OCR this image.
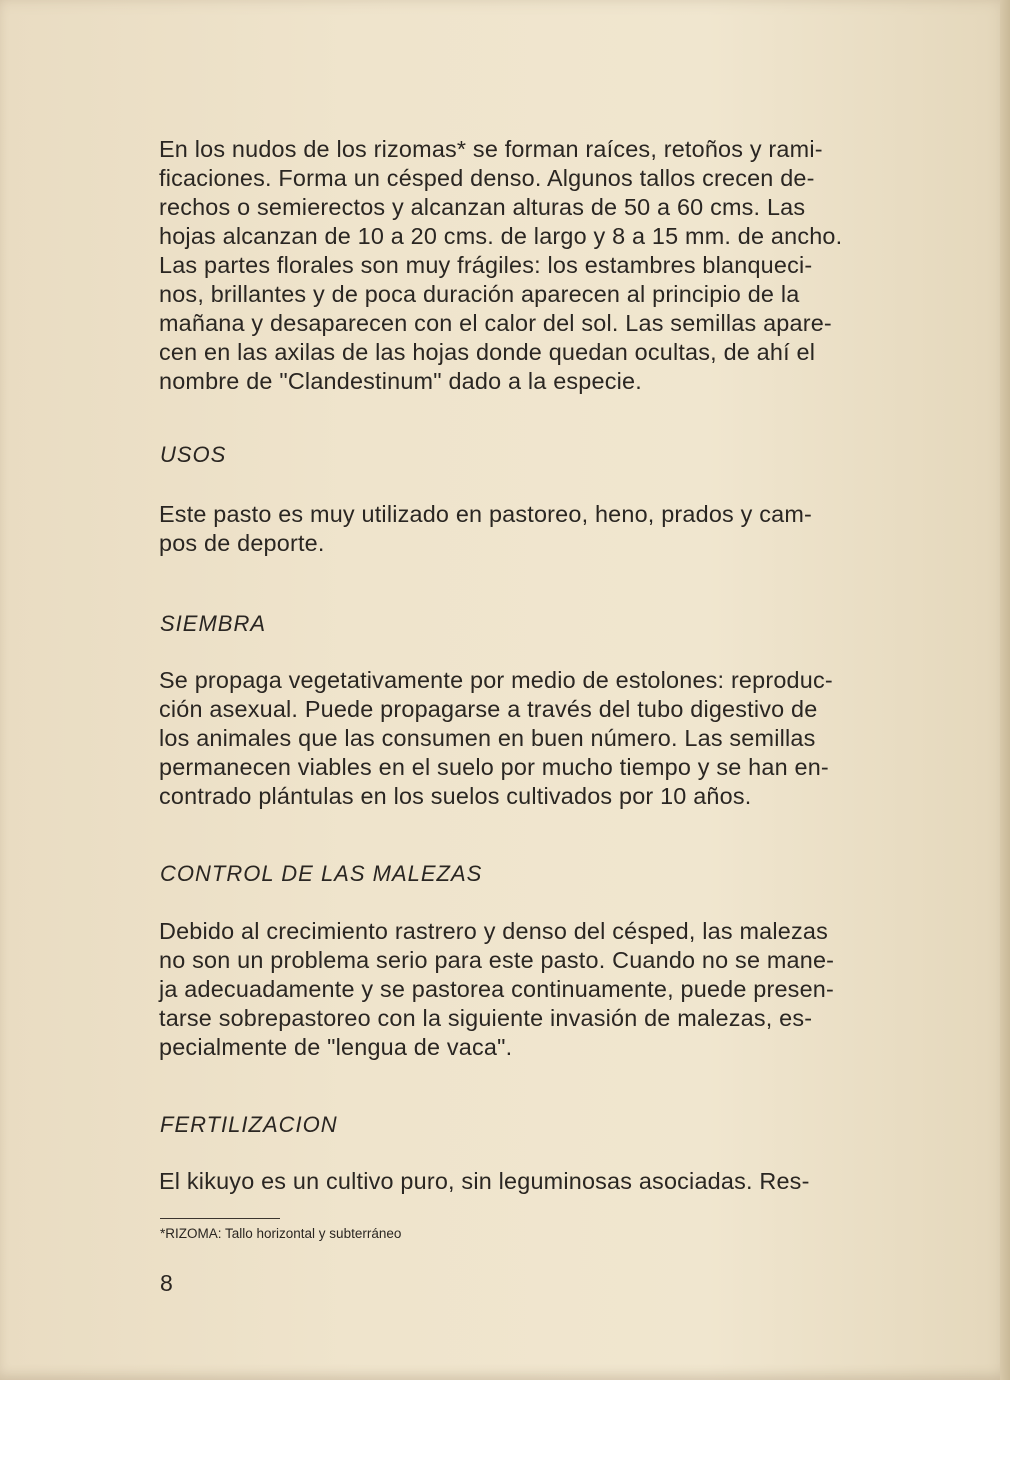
En los nudos de los rizomas* se forman raíces, retoños y rami-
ficaciones. Forma un césped denso. Algunos tallos crecen de-
rechos o semierectos y alcanzan alturas de 50 a 60 cms. Las
hojas alcanzan de 10 a 20 cms. de largo y 8 a 15 mm. de ancho.
Las partes florales son muy frágiles: los estambres blanqueci-
nos, brillantes y de poca duración aparecen al principio de la
mañana y desaparecen con el calor del sol. Las semillas apare-
cen en las axilas de las hojas donde quedan ocultas, de ahí el
nombre de "Clandestinum" dado a la especie.
USOS
Este pasto es muy utilizado en pastoreo, heno, prados y cam-
pos de deporte.
SIEMBRA
Se propaga vegetativamente por medio de estolones: reproduc-
ción asexual. Puede propagarse a través del tubo digestivo de
los animales que las consumen en buen número. Las semillas
permanecen viables en el suelo por mucho tiempo y se han en-
contrado plántulas en los suelos cultivados por 10 años.
CONTROL DE LAS MALEZAS
Debido al crecimiento rastrero y denso del césped, las malezas
no son un problema serio para este pasto. Cuando no se mane-
ja adecuadamente y se pastorea continuamente, puede presen-
tarse sobrepastoreo con la siguiente invasión de malezas, es-
pecialmente de "lengua de vaca".
FERTILIZACION
El kikuyo es un cultivo puro, sin leguminosas asociadas. Res-
*RIZOMA: Tallo horizontal y subterráneo
8
